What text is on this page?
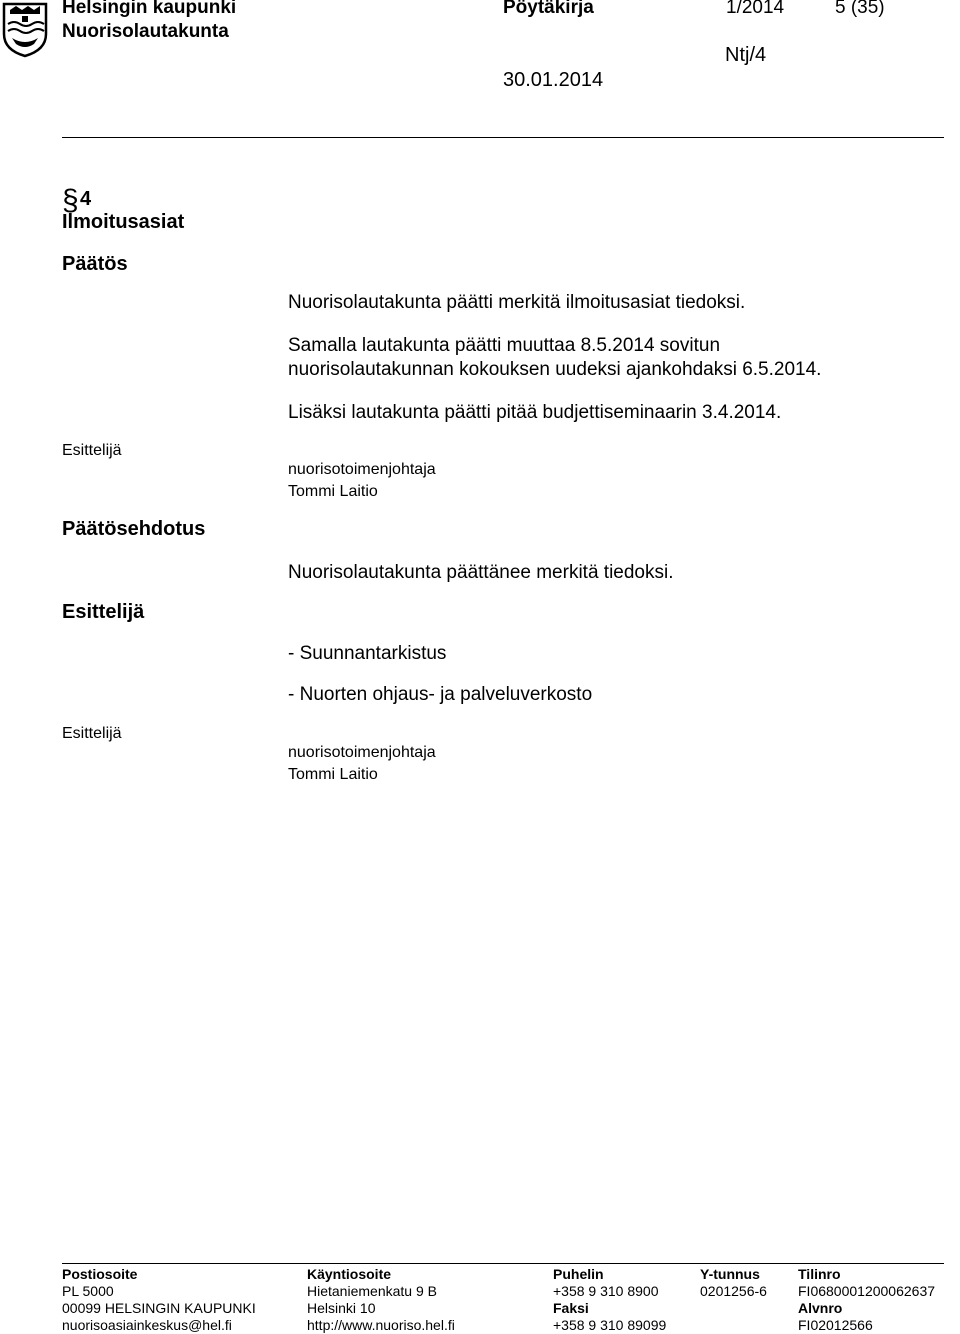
Helsingin kaupunki
Nuorisolautakunta
Pöytäkirja	1/2014	5 (35)
Ntj/4
30.01.2014
§ 4
Ilmoitusasiat
Päätös
Nuorisolautakunta päätti merkitä ilmoitusasiat tiedoksi.
Samalla lautakunta päätti muuttaa 8.5.2014 sovitun
nuorisolautakunnan kokouksen uudeksi ajankohdaksi 6.5.2014.
Lisäksi lautakunta päätti pitää budjettiseminaarin 3.4.2014.
Esittelijä
nuorisotoimenjohtaja
Tommi Laitio
Päätösehdotus
Nuorisolautakunta päättänee merkitä tiedoksi.
Esittelijä
- Suunnantarkistus
- Nuorten ohjaus- ja palveluverkosto
Esittelijä
nuorisotoimenjohtaja
Tommi Laitio
Postiosoite
PL 5000
00099 HELSINGIN KAUPUNKI
nuorisoasiainkeskus@hel.fi
Käyntiosoite
Hietaniemenkatu 9 B
Helsinki 10
http://www.nuoriso.hel.fi
Puhelin
+358 9 310 8900
Faksi
+358 9 310 89099
Y-tunnus
0201256-6
Tilinro
FI0680001200062637
Alvnro
FI02012566
